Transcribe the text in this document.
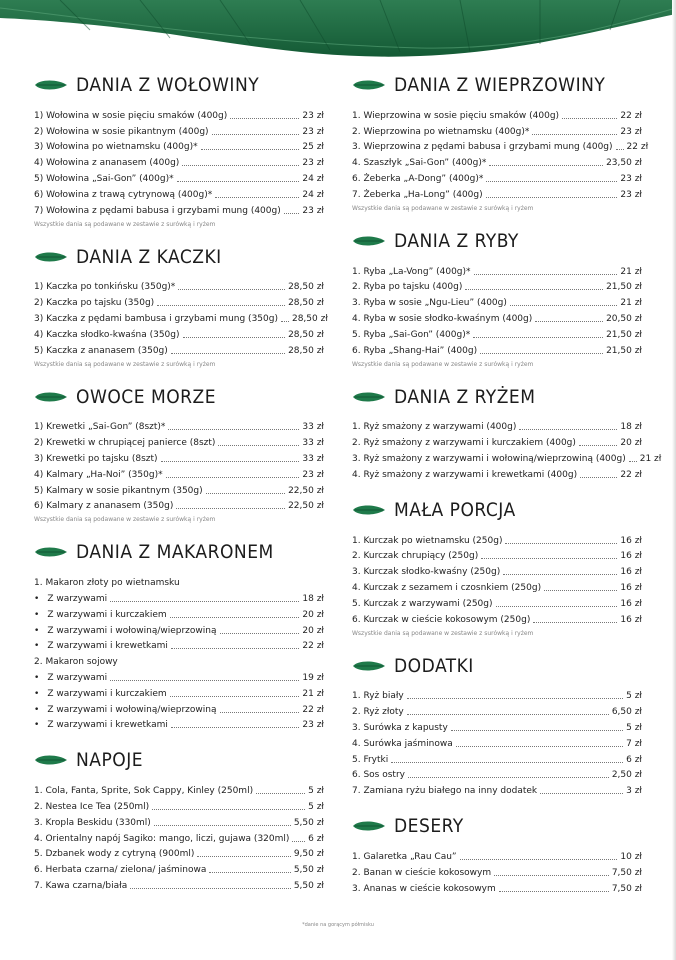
DANIA Z WOŁOWINY
1) Wołowina w sosie pięciu smaków (400g)	23 zł
2) Wołowina w sosie pikantnym (400g)	23 zł
3) Wołowina po wietnamsku (400g)*	25 zł
4) Wołowina z ananasem (400g)	23 zł
5) Wołowina „Sai-Gon” (400g)*	24 zł
6) Wołowina z trawą cytrynową (400g)*	24 zł
7) Wołowina z pędami babusa i grzybami mung (400g) 23 zł
Wszystkie dania są podawane w zestawie z surówką i ryżem
DANIA Z KACZKI
1) Kaczka po tonkińsku (350g)*	28,50 zł
2) Kaczka po tajsku (350g)	28,50 zł
3) Kaczka z pędami bambusa i grzybami mung (350g) 28,50 zł
4) Kaczka słodko-kwaśna (350g)	28,50 zł
5) Kaczka z ananasem (350g)	28,50 zł
Wszystkie dania są podawane w zestawie z surówką i ryżem
OWOCE MORZE
1) Krewetki „Sai-Gon” (8szt)*	33 zł
2) Krewetki w chrupiącej panierce (8szt)	33 zł
3) Krewetki po tajsku (8szt)	33 zł
4) Kalmary „Ha-Noi” (350g)*	23 zł
5) Kalmary w sosie pikantnym (350g)	22,50 zł
6) Kalmary z ananasem (350g)	22,50 zł
Wszystkie dania są podawane w zestawie z surówką i ryżem
DANIA Z MAKARONEM
1. Makaron złoty po wietnamsku
• Z warzywami	18 zł
• Z warzywami i kurczakiem	20 zł
• Z warzywami i wołowiną/wieprzowiną	20 zł
• Z warzywami i krewetkami	22 zł
2. Makaron sojowy
• Z warzywami	19 zł
• Z warzywami i kurczakiem	21 zł
• Z warzywami i wołowiną/wieprzowiną	22 zł
• Z warzywami i krewetkami	23 zł
NAPOJE
1. Cola, Fanta, Sprite, Sok Cappy, Kinley (250ml)	5 zł
2. Nestea Ice Tea (250ml)	5 zł
3. Kropla Beskidu (330ml)	5,50 zł
4. Orientalny napój Sagiko: mango, liczi, gujawa (320ml) 6 zł
5. Dzbanek wody z cytryną (900ml)	9,50 zł
6. Herbata czarna/ zielona/ jaśminowa	5,50 zł
7. Kawa czarna/biała	5,50 zł
DANIA Z WIEPRZOWINY
1. Wieprzowina w sosie pięciu smaków (400g)	22 zł
2. Wieprzowina po wietnamsku (400g)*	23 zł
3. Wieprzowina z pędami babusa i grzybami mung (400g) 22 zł
4. Szaszłyk „Sai-Gon” (400g)*	23,50 zł
6. Żeberka „A-Dong” (400g)*	23 zł
7. Żeberka „Ha-Long” (400g)	23 zł
Wszystkie dania są podawane w zestawie z surówką i ryżem
DANIA Z RYBY
1. Ryba „La-Vong” (400g)*	21 zł
2. Ryba po tajsku (400g)	21,50 zł
3. Ryba w sosie „Ngu-Lieu” (400g)	21 zł
4. Ryba w sosie słodko-kwaśnym (400g)	20,50 zł
5. Ryba „Sai-Gon” (400g)*	21,50 zł
6. Ryba „Shang-Hai” (400g)	21,50 zł
Wszystkie dania są podawane w zestawie z surówką i ryżem
DANIA Z RYŻEM
1. Ryż smażony z warzywami (400g)	18 zł
2. Ryż smażony z warzywami i kurczakiem (400g)	20 zł
3. Ryż smażony z warzywami i wołowiną/wieprzowiną (400g) 21 zł
4. Ryż smażony z warzywami i krewetkami (400g)	22 zł
MAŁA PORCJA
1. Kurczak po wietnamsku (250g)	16 zł
2. Kurczak chrupiący (250g)	16 zł
3. Kurczak słodko-kwaśny (250g)	16 zł
4. Kurczak z sezamem i czosnkiem (250g)	16 zł
5. Kurczak z warzywami (250g)	16 zł
6. Kurczak w cieście kokosowym (250g)	16 zł
Wszystkie dania są podawane w zestawie z surówką i ryżem
DODATKI
1. Ryż biały	5 zł
2. Ryż złoty	6,50 zł
3. Surówka z kapusty	5 zł
4. Surówka jaśminowa	7 zł
5. Frytki	6 zł
6. Sos ostry	2,50 zł
7. Zamiana ryżu białego na inny dodatek	3 zł
DESERY
1. Galaretka „Rau Cau”	10 zł
2. Banan w cieście kokosowym	7,50 zł
3. Ananas w cieście kokosowym	7,50 zł
*danie na gorącym półmisku
